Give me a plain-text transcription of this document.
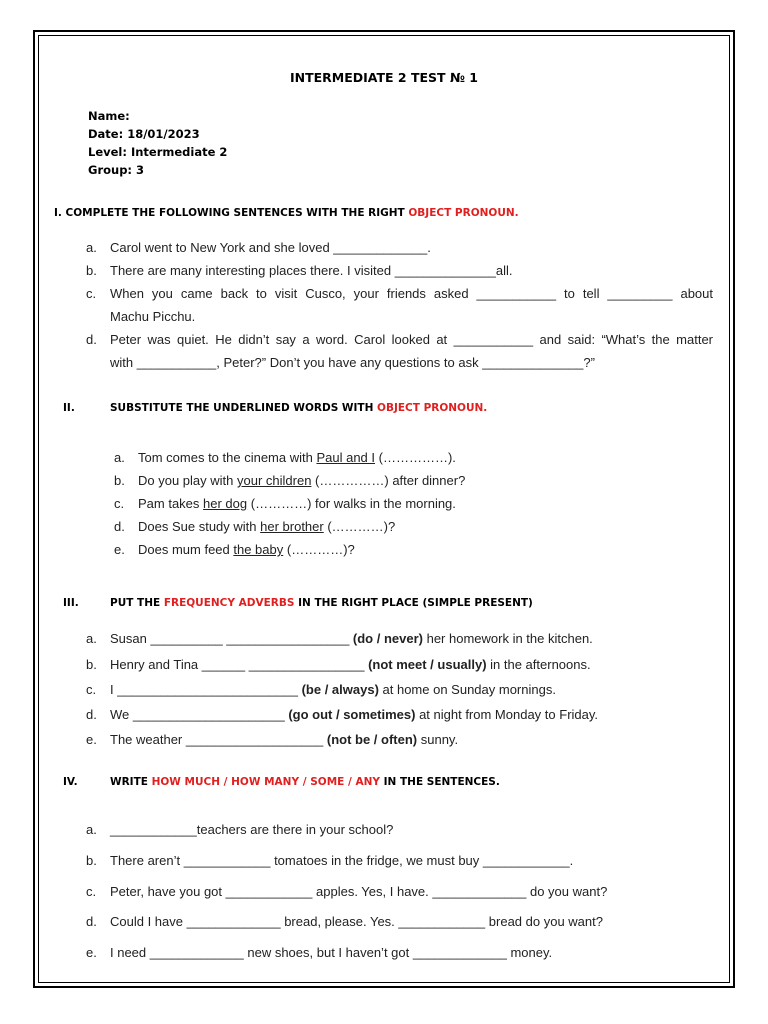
INTERMEDIATE 2 TEST № 1
Name:
Date: 18/01/2023
Level: Intermediate 2
Group: 3
I. COMPLETE THE FOLLOWING SENTENCES WITH THE RIGHT OBJECT PRONOUN.
a. Carol went to New York and she loved _____________.
b. There are many interesting places there. I visited ______________all.
c. When you came back to visit Cusco, your friends asked ___________ to tell _________ about
Machu Picchu.
d. Peter was quiet. He didn’t say a word. Carol looked at ___________ and said: “What’s the matter
with ___________, Peter?” Don’t you have any questions to ask ______________?”
II.	SUBSTITUTE THE UNDERLINED WORDS WITH OBJECT PRONOUN.
a. Tom comes to the cinema with Paul and I (……………).
b. Do you play with your children (……………) after dinner?
c. Pam takes her dog (…………) for walks in the morning.
d. Does Sue study with her brother (…………)?
e. Does mum feed the baby (…………)?
III.	PUT THE FREQUENCY ADVERBS IN THE RIGHT PLACE (SIMPLE PRESENT)
a. Susan __________ _________________ (do / never) her homework in the kitchen.
b. Henry and Tina ______ ________________ (not meet / usually) in the afternoons.
c. I _________________________ (be / always) at home on Sunday mornings.
d. We _____________________ (go out / sometimes) at night from Monday to Friday.
e. The weather ___________________ (not be / often) sunny.
IV.	WRITE HOW MUCH / HOW MANY / SOME / ANY IN THE SENTENCES.
a. ____________teachers are there in your school?
b. There aren’t ____________ tomatoes in the fridge, we must buy ____________.
c. Peter, have you got ____________ apples. Yes, I have. _____________ do you want?
d. Could I have _____________ bread, please. Yes. ____________ bread do you want?
e. I need _____________ new shoes, but I haven’t got _____________ money.
